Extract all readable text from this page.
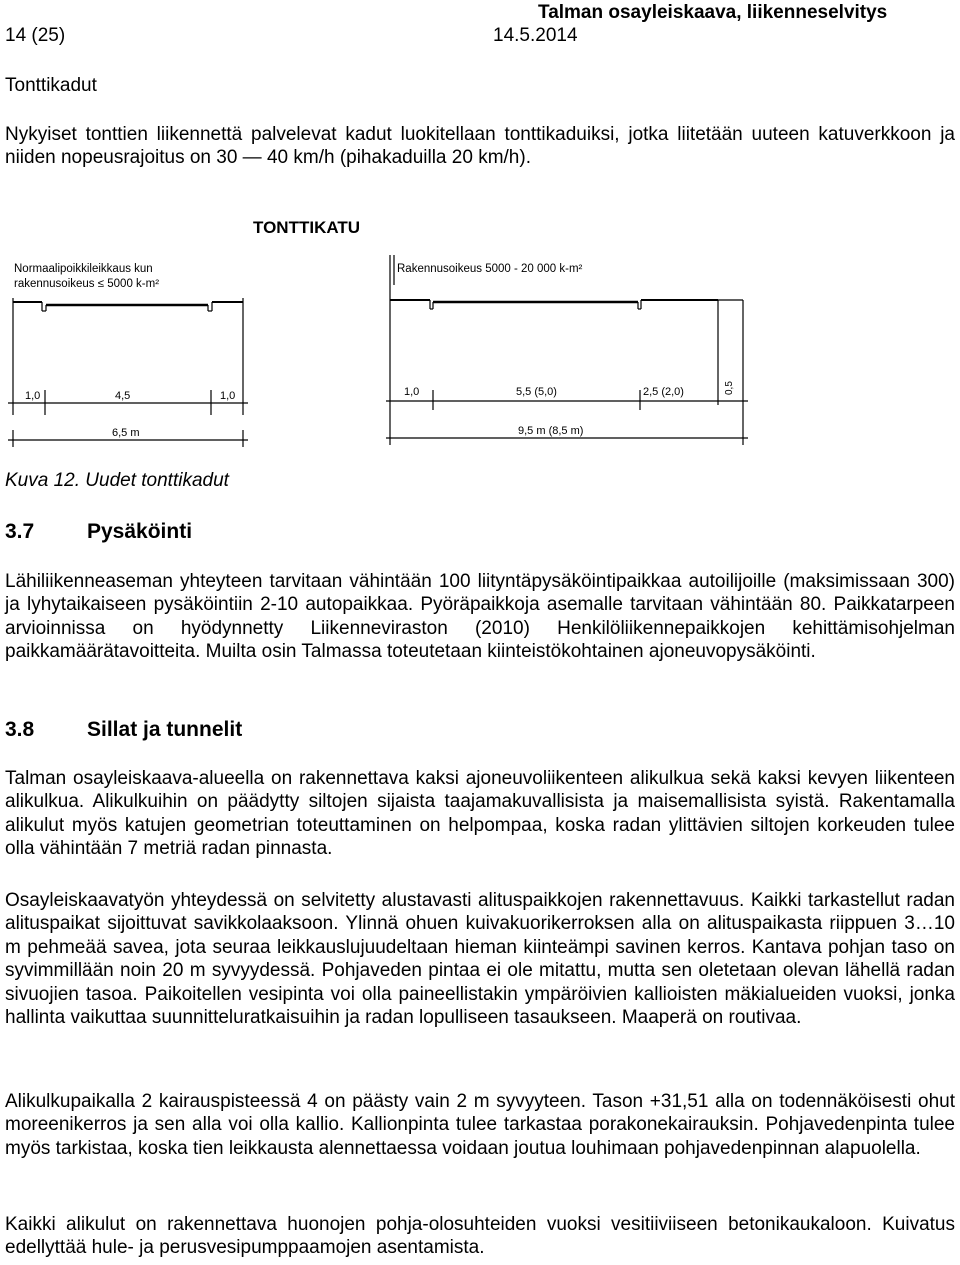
Talman osayleiskaava, liikenneselvitys
14 (25)	14.5.2014
Tonttikadut
Nykyiset tonttien liikennettä palvelevat kadut luokitellaan tonttikaduiksi, jotka liitetään uuteen katuverkkoon ja niiden nopeusrajoitus on 30 — 40 km/h (pihakaduilla 20 km/h).
TONTTIKATU
Normaalipoikkileikkaus kun
rakennusoikeus ≤ 5000 k-m²
1,0	4,5	1,0
6,5 m
Rakennusoikeus 5000 - 20 000 k-m²
1,0	5,5 (5,0)	2,5 (2,0)	0,5
9,5 m (8,5 m)
Kuva 12. Uudet tonttikadut
3.7	Pysäköinti
Lähiliikenneaseman yhteyteen tarvitaan vähintään 100 liityntäpysäköintipaikkaa autoilijoille (maksimissaan 300) ja lyhytaikaiseen pysäköintiin 2-10 autopaikkaa. Pyöräpaikkoja asemalle tarvitaan vähintään 80. Paikkatarpeen arvioinnissa on hyödynnetty Liikenneviraston (2010) Henkilöliikennepaikkojen kehittämisohjelman paikkamäärätavoitteita. Muilta osin Talmassa toteutetaan kiinteistökohtainen ajoneuvopysäköinti.
3.8	Sillat ja tunnelit
Talman osayleiskaava-alueella on rakennettava kaksi ajoneuvoliikenteen alikulkua sekä kaksi kevyen liikenteen alikulkua. Alikulkuihin on päädytty siltojen sijaista taajamakuvallisista ja maisemallisista syistä. Rakentamalla alikulut myös katujen geometrian toteuttaminen on helpompaa, koska radan ylittävien siltojen korkeuden tulee olla vähintään 7 metriä radan pinnasta.
Osayleiskaavatyön yhteydessä on selvitetty alustavasti alituspaikkojen rakennettavuus. Kaikki tarkastellut radan alituspaikat sijoittuvat savikkolaaksoon. Ylinnä ohuen kuivakuorikerroksen alla on alituspaikasta riippuen 3…10 m pehmeää savea, jota seuraa leikkauslujuudeltaan hieman kiinteämpi savinen kerros. Kantava pohjan taso on syvimmillään noin 20 m syvyydessä. Pohjaveden pintaa ei ole mitattu, mutta sen oletetaan olevan lähellä radan sivuojien tasoa. Paikoitellen vesipinta voi olla paineellistakin ympäröivien kallioisten mäkialueiden vuoksi, jonka hallinta vaikuttaa suunnitteluratkaisuihin ja radan lopulliseen tasaukseen. Maaperä on routivaa.
Alikulkupaikalla 2 kairauspisteessä 4 on päästy vain 2 m syvyyteen. Tason +31,51 alla on todennäköisesti ohut moreenikerros ja sen alla voi olla kallio. Kallionpinta tulee tarkastaa porakonekairauksin. Pohjavedenpinta tulee myös tarkistaa, koska tien leikkausta alennettaessa voidaan joutua louhimaan pohjavedenpinnan alapuolella.
Kaikki alikulut on rakennettava huonojen pohja-olosuhteiden vuoksi vesitiiviiseen betonikaukaloon. Kuivatus edellyttää hule- ja perusvesipumppaamojen asentamista.
